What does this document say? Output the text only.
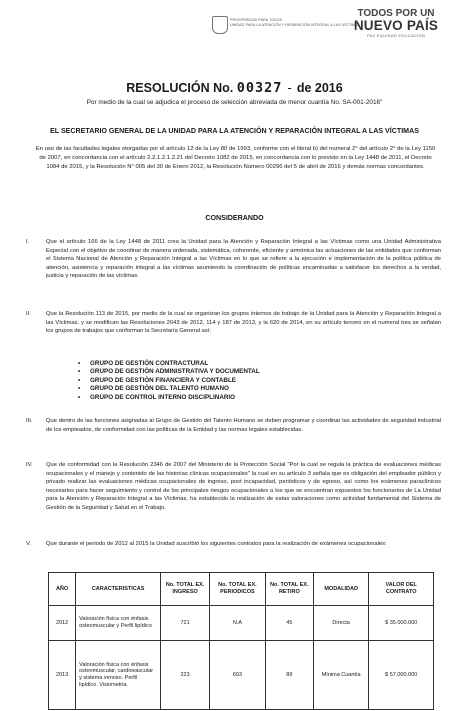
PROSPERIDAD PARA TODOS
UNIDAD PARA LA ATENCIÓN Y REPARACIÓN INTEGRAL A LAS VÍCTIMAS
TODOS POR UN
NUEVO PAÍS
PAZ EQUIDAD EDUCACIÓN
RESOLUCIÓN No. 00327 - de 2016
Por medio de la cual se adjudica el proceso de selección abreviada de menor cuantía No. SA-001-2016"
EL SECRETARIO GENERAL DE LA UNIDAD PARA LA ATENCIÓN Y REPARACIÓN INTEGRAL A LAS VÍCTIMAS
En uso de las facultades legales otorgadas por el artículo 12 de la Ley 80 de 1993, conforme con el literal b) del numeral 2° del artículo 2° de la Ley 1150 de 2007, en concordancia con el artículo 2.2.1.2.1.2.21 del Decreto 1082 de 2015, en concordancia con lo previsto en la Ley 1448 de 2011, el Decreto 1084 de 2015, y la Resolución N° 005 del 30 de Enero 2012, la Resolución Número 00296 del 5 de abril de 2016 y demás normas concordantes.
CONSIDERANDO
I.	Que el artículo 166 de la Ley 1448 de 2011 crea la Unidad para la Atención y Reparación Integral a las Víctimas como una Unidad Administrativa Especial con el objetivo de coordinar de manera ordenada, sistemática, coherente, eficiente y armónica las actuaciones de las entidades que conforman el Sistema Nacional de Atención y Reparación Integral a las Víctimas en lo que se refiere a la ejecución e implementación de la política pública de atención, asistencia y reparación integral a las víctimas asumiendo la coordinación de políticas encaminadas a satisfacer los derechos a la verdad, justicia y reparación de las víctimas.
II.	Que la Resolución 113 de 2015, por medio de la cual se organizan los grupos internos de trabajo de la Unidad para la Atención y Reparación Integral a las Víctimas, y se modifican las Resoluciones 2043 de 2012, 114 y 187 de 2013, y la 620 de 2014, en su artículo tercero en el numeral tres se señalan los grupos de trabajos que conforman la Secretaría General así:
• GRUPO DE GESTIÓN CONTRACTURAL
• GRUPO DE GESTIÓN ADMINISTRATIVA Y DOCUMENTAL
• GRUPO DE GESTIÓN FINANCIERA Y CONTABLE
• GRUPO DE GESTIÓN DEL TALENTO HUMANO
• GRUPO DE CONTROL INTERNO DISCIPLINARIO
III.	Que dentro de las funciones asignadas al Grupo de Gestión del Talento Humano se deben programar y coordinar las actividades de seguridad industrial de los empleados, de conformidad con las políticas de la Entidad y las normas legales establecidas.
IV.	Que de conformidad con la Resolución 2346 de 2007 del Ministerio de la Protección Social "Por la cual se regula la práctica de evaluaciones médicas ocupacionales y el manejo y contenido de las historias clínicas ocupacionales" la cual en su artículo 3 señala que es obligación del empleador público y privado realizar las evaluaciones médicas ocupacionales de ingreso, post incapacidad, periódicos y de egreso, así como los exámenes paraclínicos necesarios para hacer seguimiento y control de los principales riesgos ocupacionales a los que se encuentran expuestos los funcionarios de La Unidad para la Atención y Reparación Integral a las Víctimas, ha establecido la realización de estas valoraciones como actividad fundamental del Sistema de Gestión de la Seguridad y Salud en el Trabajo.
V.	Que durante el periodo de 2012 al 2015 la Unidad suscribió los siguientes contratos para la realización de exámenes ocupacionales:
AÑO	CARACTERISTICAS	No. TOTAL EX. INGRESO	No. TOTAL EX. PERIODICOS	No. TOTAL EX. RETIRO	MODALIDAD	VALOR DEL CONTRATO
2012	Valoración física con énfasis osteomuscular y Perfil lipídico	721	N.A	45	Directa	$ 35.000.000
2013	Valoración física con énfasis osteomuscular, cardiovascular y sistema venoso. Perfil lipídico. Visiometria.	223	693	89	Mínima Cuantía	$ 57.000.000
